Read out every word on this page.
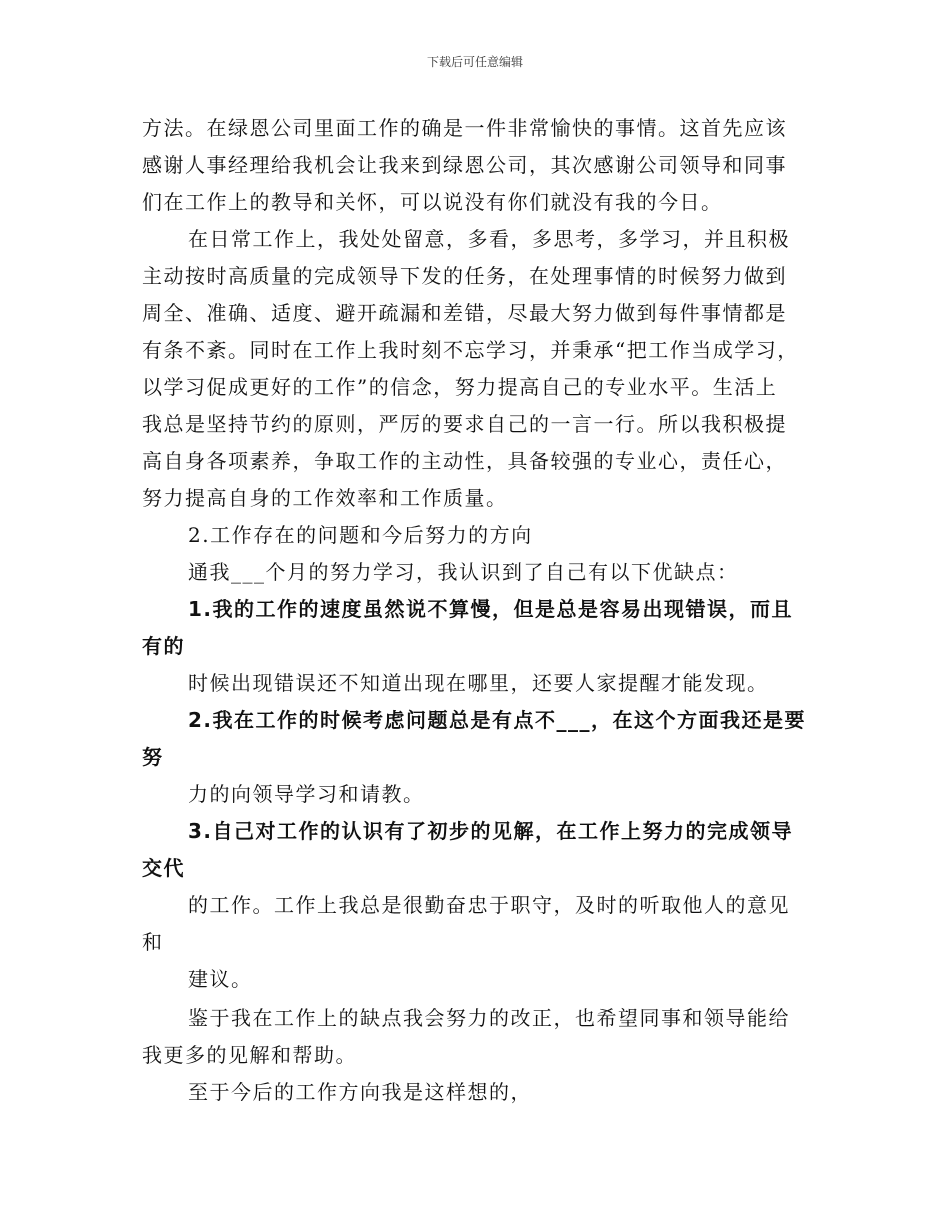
下载后可任意编辑
方法。在绿恩公司里面工作的确是一件非常愉快的事情。这首先应该
感谢人事经理给我机会让我来到绿恩公司，其次感谢公司领导和同事
们在工作上的教导和关怀，可以说没有你们就没有我的今日。
在日常工作上，我处处留意，多看，多思考，多学习，并且积极
主动按时高质量的完成领导下发的任务，在处理事情的时候努力做到
周全、准确、适度、避开疏漏和差错，尽最大努力做到每件事情都是
有条不紊。同时在工作上我时刻不忘学习，并秉承“把工作当成学习，
以学习促成更好的工作”的信念，努力提高自己的专业水平。生活上
我总是坚持节约的原则，严厉的要求自己的一言一行。所以我积极提
高自身各项素养，争取工作的主动性，具备较强的专业心，责任心，
努力提高自身的工作效率和工作质量。
2.工作存在的问题和今后努力的方向
通我___个月的努力学习，我认识到了自己有以下优缺点：
1.我的工作的速度虽然说不算慢，但是总是容易出现错误，而且
有的
时候出现错误还不知道出现在哪里，还要人家提醒才能发现。
2.我在工作的时候考虑问题总是有点不___，在这个方面我还是要
努
力的向领导学习和请教。
3.自己对工作的认识有了初步的见解，在工作上努力的完成领导
交代
的工作。工作上我总是很勤奋忠于职守，及时的听取他人的意见
和
建议。
鉴于我在工作上的缺点我会努力的改正，也希望同事和领导能给
我更多的见解和帮助。
至于今后的工作方向我是这样想的，
